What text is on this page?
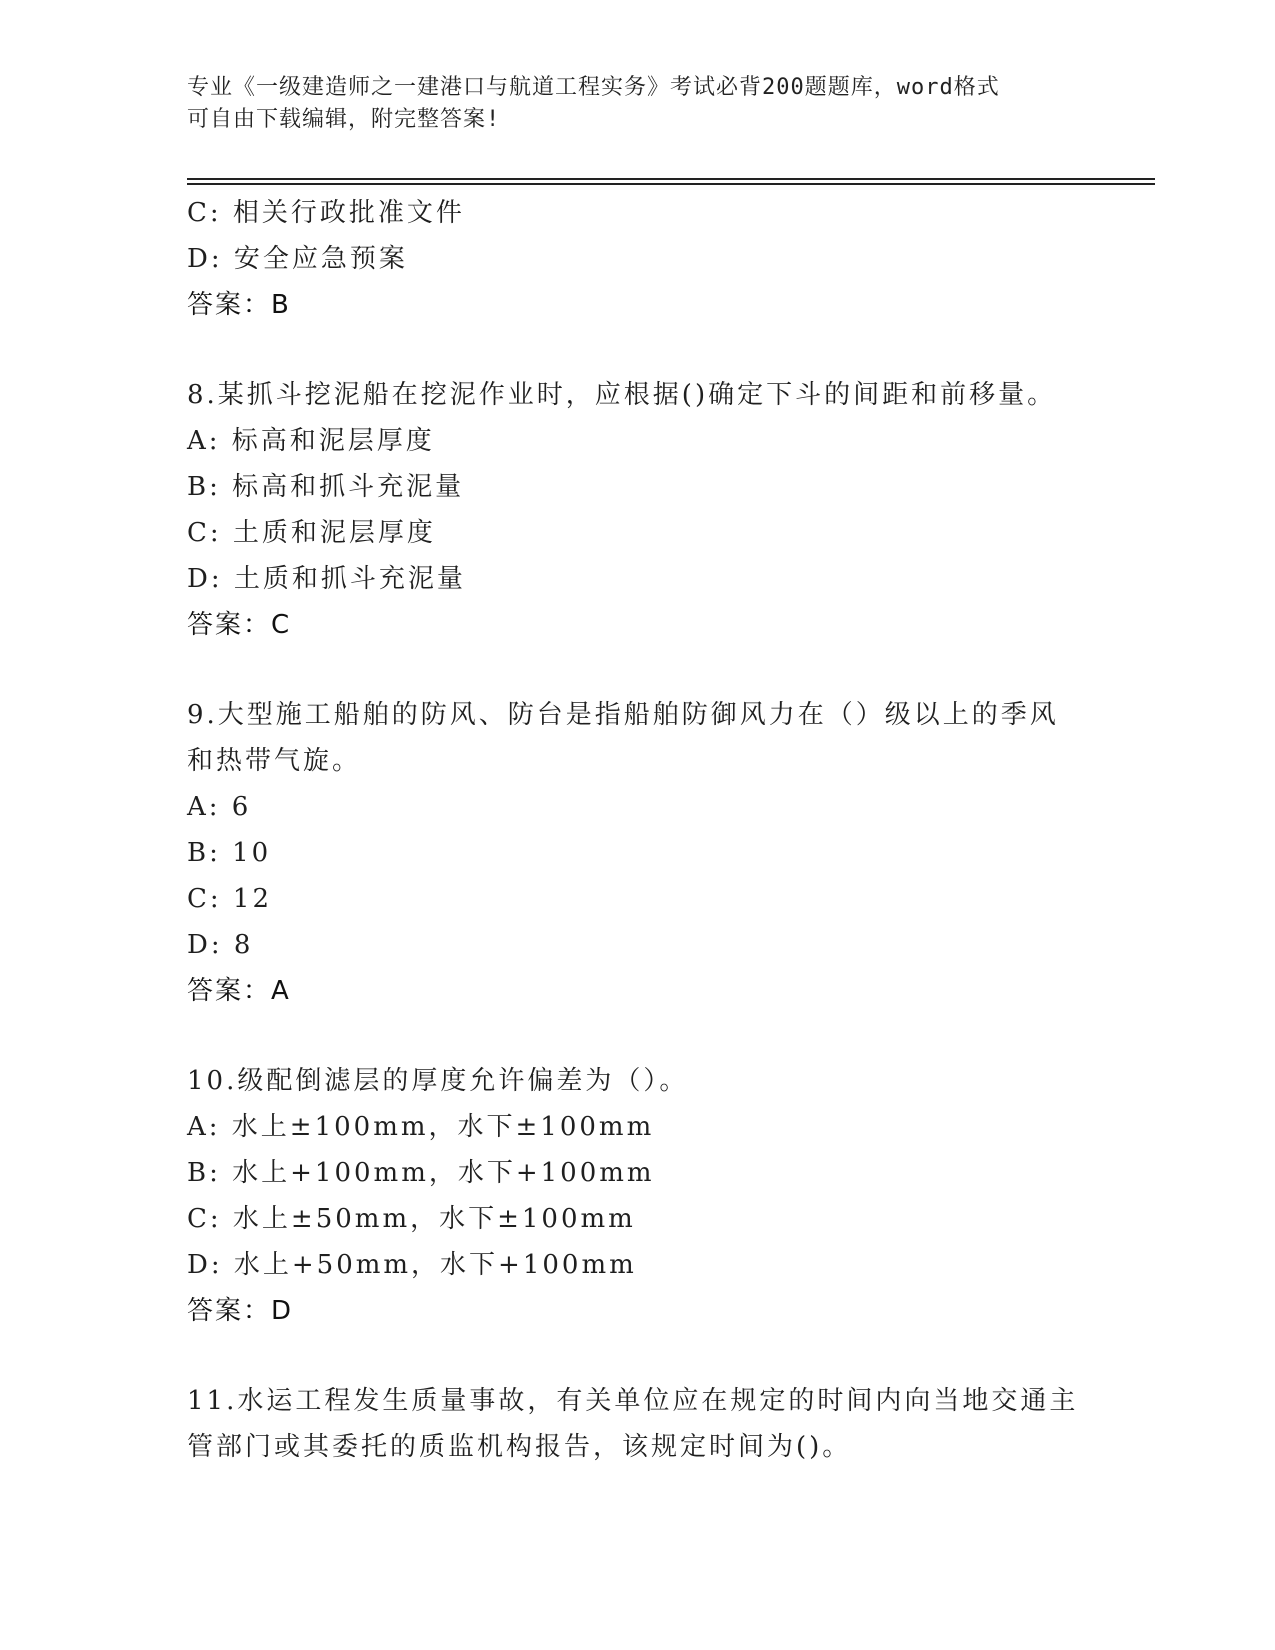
专业《一级建造师之一建港口与航道工程实务》考试必背200题题库，word格式
可自由下载编辑，附完整答案!
C: 相关行政批准文件
D: 安全应急预案
答案：B
8.某抓斗挖泥船在挖泥作业时，应根据()确定下斗的间距和前移量。
A: 标高和泥层厚度
B: 标高和抓斗充泥量
C: 土质和泥层厚度
D: 土质和抓斗充泥量
答案：C
9.大型施工船舶的防风、防台是指船舶防御风力在（）级以上的季风
和热带气旋。
A: 6
B: 10
C: 12
D: 8
答案：A
10.级配倒滤层的厚度允许偏差为（）。
A: 水上±100mm，水下±100mm
B: 水上+100mm，水下+100mm
C: 水上±50mm，水下±100mm
D: 水上+50mm，水下+100mm
答案：D
11.水运工程发生质量事故，有关单位应在规定的时间内向当地交通主
管部门或其委托的质监机构报告，该规定时间为()。
